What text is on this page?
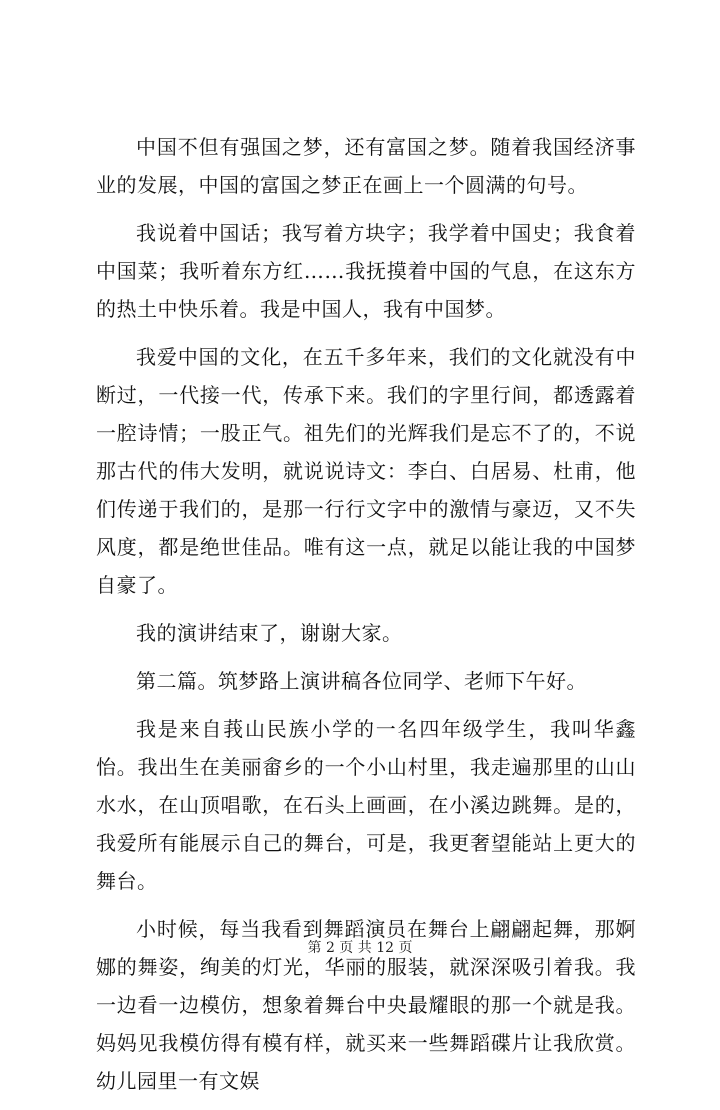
中国不但有强国之梦，还有富国之梦。随着我国经济事业的发展，中国的富国之梦正在画上一个圆满的句号。

我说着中国话；我写着方块字；我学着中国史；我食着中国菜；我听着东方红……我抚摸着中国的气息，在这东方的热土中快乐着。我是中国人，我有中国梦。

我爱中国的文化，在五千多年来，我们的文化就没有中断过，一代接一代，传承下来。我们的字里行间，都透露着一腔诗情；一股正气。祖先们的光辉我们是忘不了的，不说那古代的伟大发明，就说说诗文：李白、白居易、杜甫，他们传递于我们的，是那一行行文字中的激情与豪迈，又不失风度，都是绝世佳品。唯有这一点，就足以能让我的中国梦自豪了。

我的演讲结束了，谢谢大家。

第二篇。筑梦路上演讲稿各位同学、老师下午好。

我是来自莪山民族小学的一名四年级学生，我叫华鑫怡。我出生在美丽畲乡的一个小山村里，我走遍那里的山山水水，在山顶唱歌，在石头上画画，在小溪边跳舞。是的，我爱所有能展示自己的舞台，可是，我更奢望能站上更大的舞台。

小时候，每当我看到舞蹈演员在舞台上翩翩起舞，那婀娜的舞姿，绚美的灯光，华丽的服装，就深深吸引着我。我一边看一边模仿，想象着舞台中央最耀眼的那一个就是我。妈妈见我模仿得有模有样，就买来一些舞蹈碟片让我欣赏。幼儿园里一有文娱

第 2 页 共 12 页
